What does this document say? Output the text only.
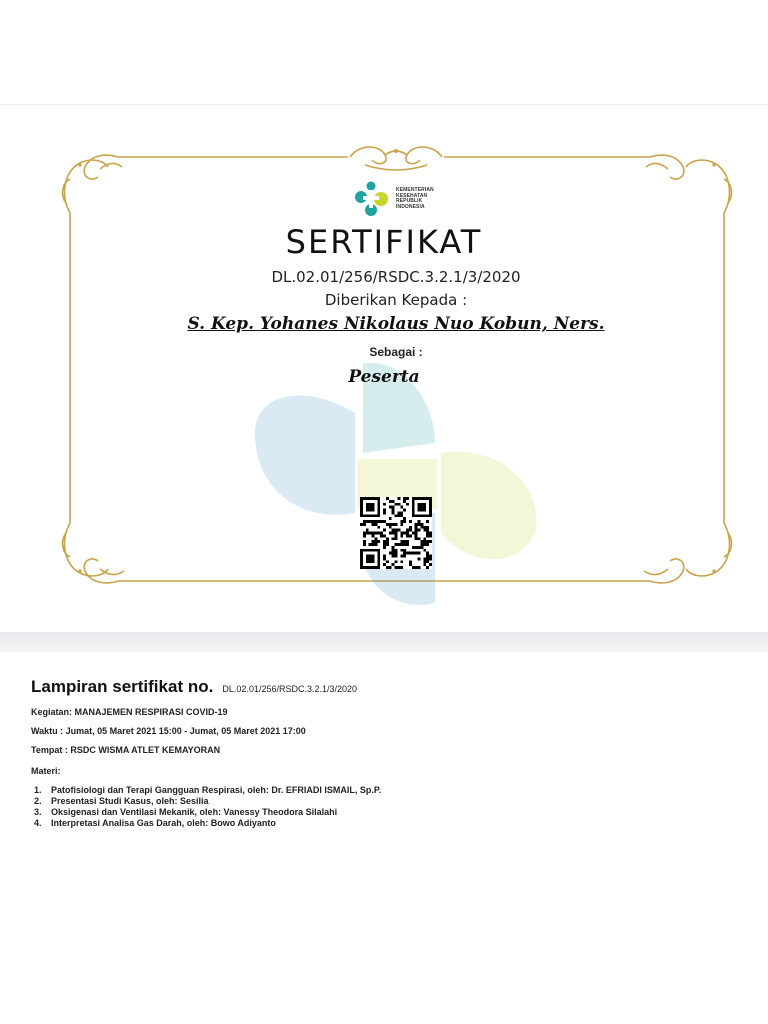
KEMENTERIAN
KESEHATAN
REPUBLIK
INDONESIA
SERTIFIKAT
DL.02.01/256/RSDC.3.2.1/3/2020
Diberikan Kepada :
S. Kep. Yohanes Nikolaus Nuo Kobun, Ners.
Sebagai :
Peserta
Lampiran sertifikat no. DL.02.01/256/RSDC.3.2.1/3/2020
Kegiatan: MANAJEMEN RESPIRASI COVID-19
Waktu : Jumat, 05 Maret 2021 15:00 - Jumat, 05 Maret 2021 17:00
Tempat : RSDC WISMA ATLET KEMAYORAN
Materi:
1. Patofisiologi dan Terapi Gangguan Respirasi, oleh: Dr. EFRIADI ISMAIL, Sp.P.
2. Presentasi Studi Kasus, oleh: Sesilia
3. Oksigenasi dan Ventilasi Mekanik, oleh: Vanessy Theodora Silalahi
4. Interpretasi Analisa Gas Darah, oleh: Bowo Adiyanto
